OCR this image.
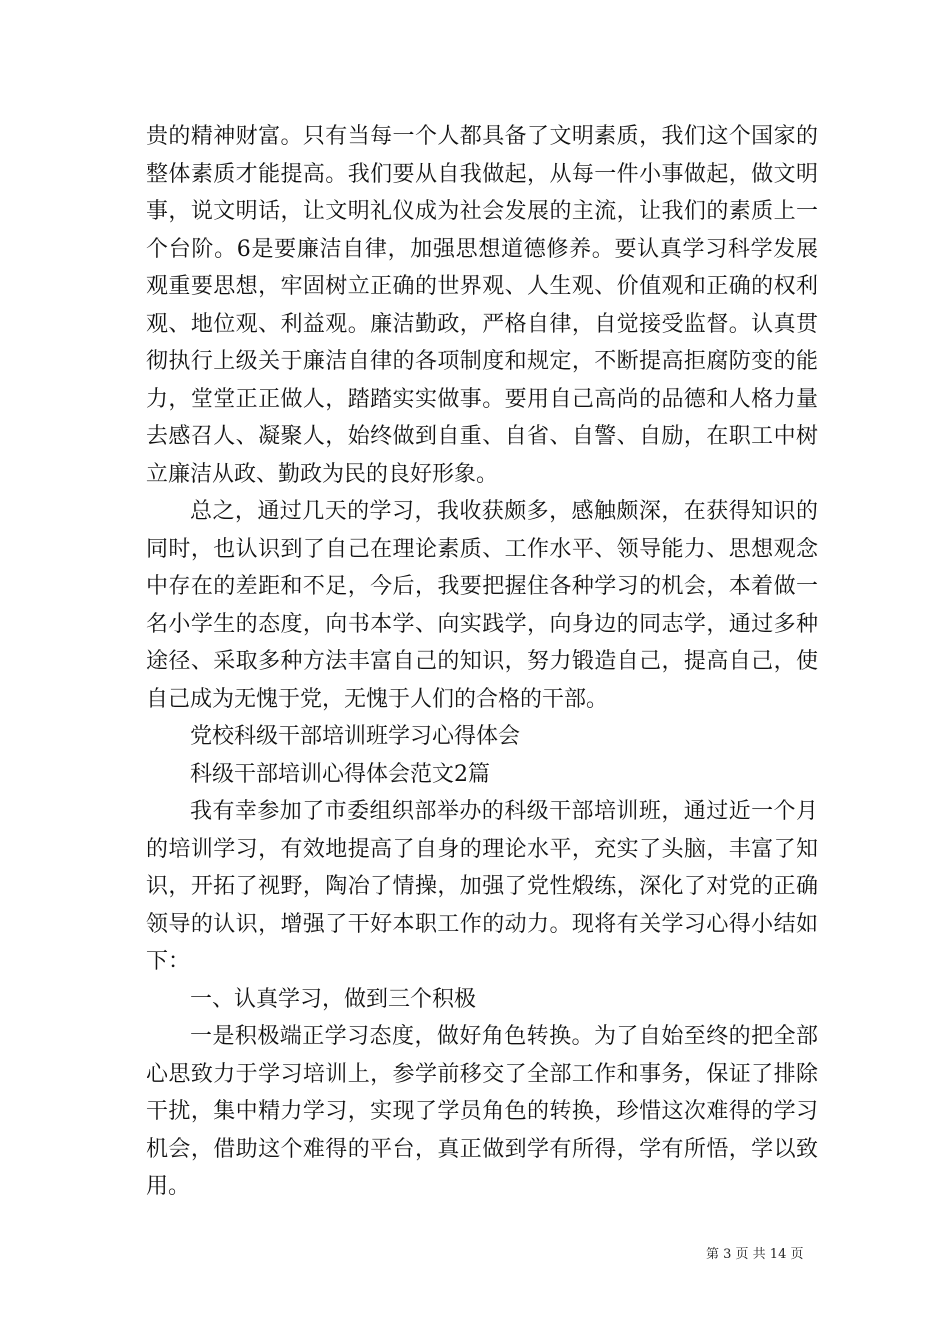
贵的精神财富。只有当每一个人都具备了文明素质，我们这个国家的整体素质才能提高。我们要从自我做起，从每一件小事做起，做文明事，说文明话，让文明礼仪成为社会发展的主流，让我们的素质上一个台阶。6是要廉洁自律，加强思想道德修养。要认真学习科学发展观重要思想，牢固树立正确的世界观、人生观、价值观和正确的权利观、地位观、利益观。廉洁勤政，严格自律，自觉接受监督。认真贯彻执行上级关于廉洁自律的各项制度和规定，不断提高拒腐防变的能力，堂堂正正做人，踏踏实实做事。要用自己高尚的品德和人格力量去感召人、凝聚人，始终做到自重、自省、自警、自励，在职工中树立廉洁从政、勤政为民的良好形象。

总之，通过几天的学习，我收获颇多，感触颇深，在获得知识的同时，也认识到了自己在理论素质、工作水平、领导能力、思想观念中存在的差距和不足，今后，我要把握住各种学习的机会，本着做一名小学生的态度，向书本学、向实践学，向身边的同志学，通过多种途径、采取多种方法丰富自己的知识，努力锻造自己，提高自己，使自己成为无愧于党，无愧于人们的合格的干部。

党校科级干部培训班学习心得体会

科级干部培训心得体会范文2篇

我有幸参加了市委组织部举办的科级干部培训班，通过近一个月的培训学习，有效地提高了自身的理论水平，充实了头脑，丰富了知识，开拓了视野，陶冶了情操，加强了党性煅练，深化了对党的正确领导的认识，增强了干好本职工作的动力。现将有关学习心得小结如下：

一、认真学习，做到三个积极

一是积极端正学习态度，做好角色转换。为了自始至终的把全部心思致力于学习培训上，参学前移交了全部工作和事务，保证了排除干扰，集中精力学习，实现了学员角色的转换，珍惜这次难得的学习机会，借助这个难得的平台，真正做到学有所得，学有所悟，学以致用。

第 3 页 共 14 页
